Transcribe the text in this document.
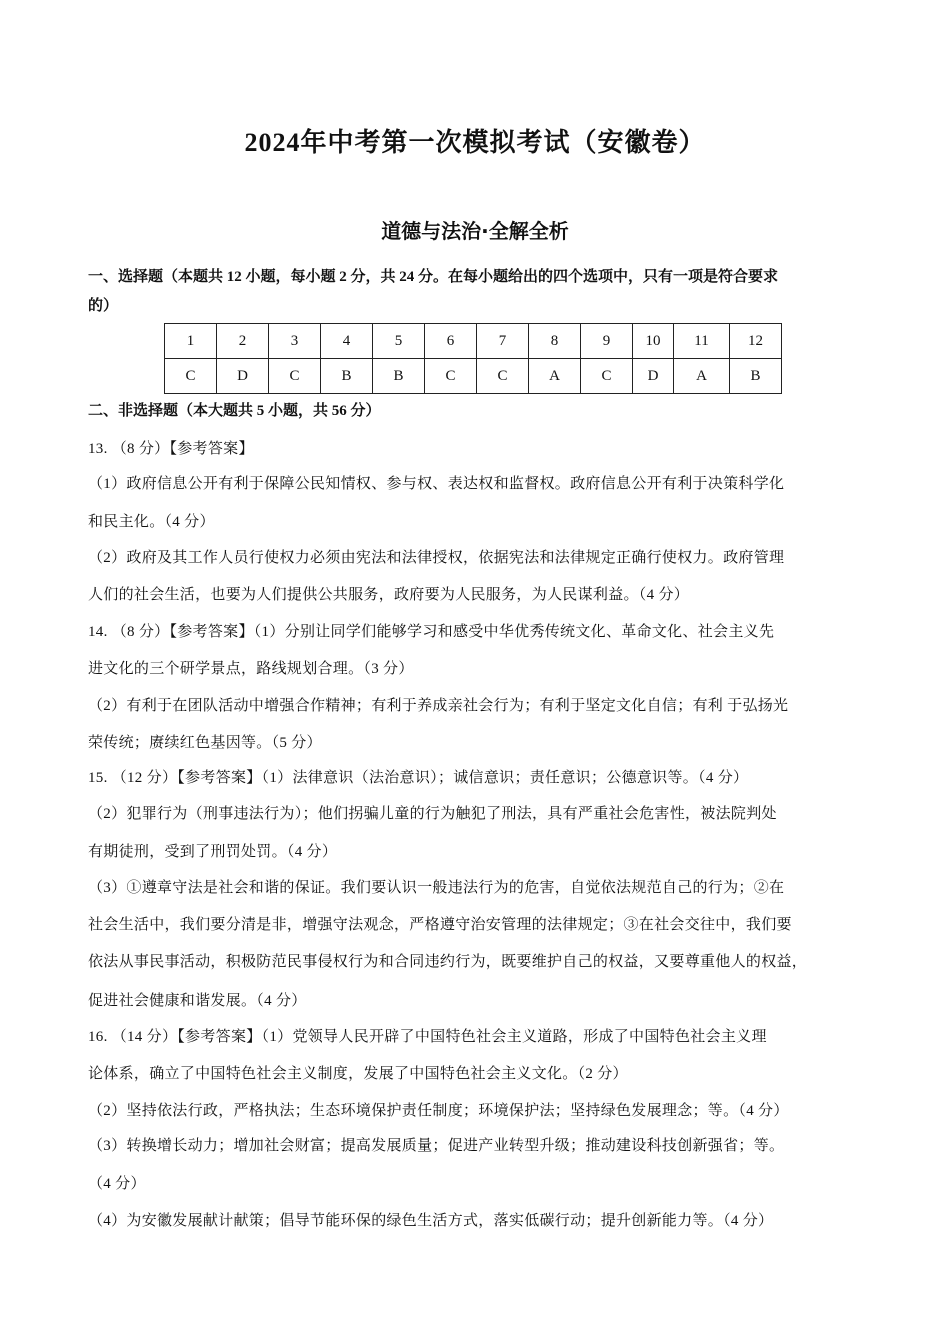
2024年中考第一次模拟考试（安徽卷）
道德与法治·全解全析
一、选择题（本题共 12 小题，每小题 2 分，共 24 分。在每小题给出的四个选项中，只有一项是符合要求
的）
1	2	3	4	5	6	7	8	9	10	11	12
C	D	C	B	B	C	C	A	C	D	A	B
二、非选择题（本大题共 5 小题，共 56 分）
13. （8 分）【参考答案】
（1）政府信息公开有利于保障公民知情权、参与权、表达权和监督权。政府信息公开有利于决策科学化
和民主化。（4 分）
（2）政府及其工作人员行使权力必须由宪法和法律授权，依据宪法和法律规定正确行使权力。政府管理
人们的社会生活，也要为人们提供公共服务，政府要为人民服务，为人民谋利益。（4 分）
14. （8 分）【参考答案】（1）分别让同学们能够学习和感受中华优秀传统文化、革命文化、社会主义先
进文化的三个研学景点，路线规划合理。（3 分）
（2）有利于在团队活动中增强合作精神；有利于养成亲社会行为；有利于坚定文化自信；有利 于弘扬光
荣传统；赓续红色基因等。（5 分）
15. （12 分）【参考答案】（1）法律意识（法治意识）；诚信意识；责任意识；公德意识等。（4 分）
（2）犯罪行为（刑事违法行为）；他们拐骗儿童的行为触犯了刑法，具有严重社会危害性，被法院判处
有期徒刑，受到了刑罚处罚。（4 分）
（3）①遵章守法是社会和谐的保证。我们要认识一般违法行为的危害，自觉依法规范自己的行为；②在
社会生活中，我们要分清是非，增强守法观念，严格遵守治安管理的法律规定；③在社会交往中，我们要
依法从事民事活动，积极防范民事侵权行为和合同违约行为，既要维护自己的权益，又要尊重他人的权益，
促进社会健康和谐发展。（4 分）
16. （14 分）【参考答案】（1）党领导人民开辟了中国特色社会主义道路，形成了中国特色社会主义理
论体系，确立了中国特色社会主义制度，发展了中国特色社会主义文化。（2 分）
（2）坚持依法行政，严格执法；生态环境保护责任制度；环境保护法；坚持绿色发展理念；等。（4 分）
（3）转换增长动力；增加社会财富；提高发展质量；促进产业转型升级；推动建设科技创新强省；等。
（4 分）
（4）为安徽发展献计献策；倡导节能环保的绿色生活方式，落实低碳行动；提升创新能力等。（4 分）
